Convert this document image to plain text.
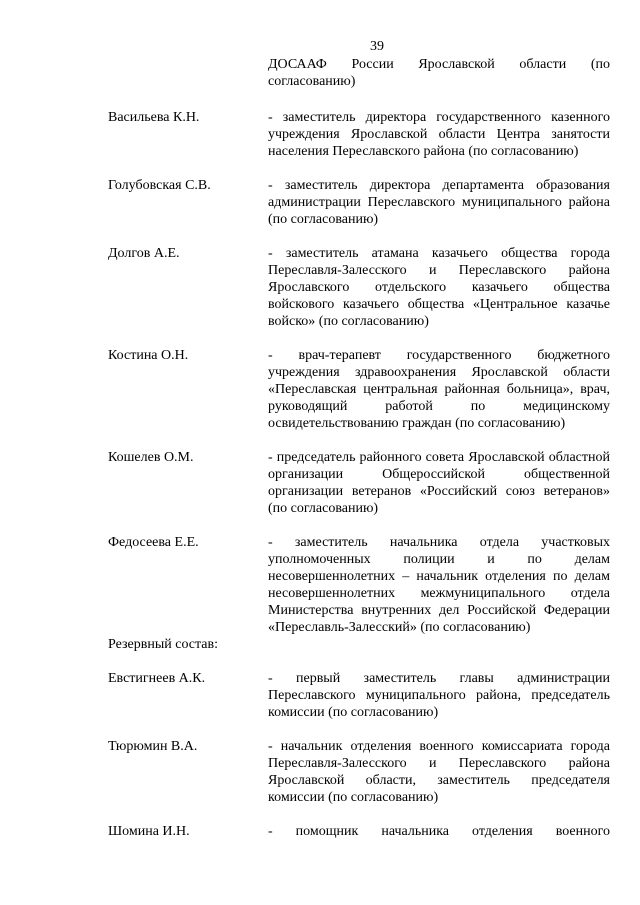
39
ДОСААФ России Ярославской области (по согласованию)
Васильева К.Н.	- заместитель директора государственного казенного учреждения Ярославской области Центра занятости населения Переславского района (по согласованию)
Голубовская С.В.	- заместитель директора департамента образования администрации Переславского муниципального района (по согласованию)
Долгов А.Е.	- заместитель атамана казачьего общества города Переславля-Залесского и Переславского района Ярославского отдельского казачьего общества войскового казачьего общества «Центральное казачье войско» (по согласованию)
Костина О.Н.	- врач-терапевт государственного бюджетного учреждения здравоохранения Ярославской области «Переславская центральная районная больница», врач, руководящий работой по медицинскому освидетельствованию граждан (по согласованию)
Кошелев О.М.	- председатель районного совета Ярославской областной организации Общероссийской общественной организации ветеранов «Российский союз ветеранов» (по согласованию)
Федосеева Е.Е.	- заместитель начальника отдела участковых уполномоченных полиции и по делам несовершеннолетних – начальник отделения по делам несовершеннолетних межмуниципального отдела Министерства внутренних дел Российской Федерации «Переславль-Залесский» (по согласованию)
Резервный состав:
Евстигнеев А.К.	- первый заместитель главы администрации Переславского муниципального района, председатель комиссии (по согласованию)
Тюрюмин В.А.	- начальник отделения военного комиссариата города Переславля-Залесского и Переславского района Ярославской области, заместитель председателя комиссии (по согласованию)
Шомина И.Н.	- помощник начальника отделения военного
